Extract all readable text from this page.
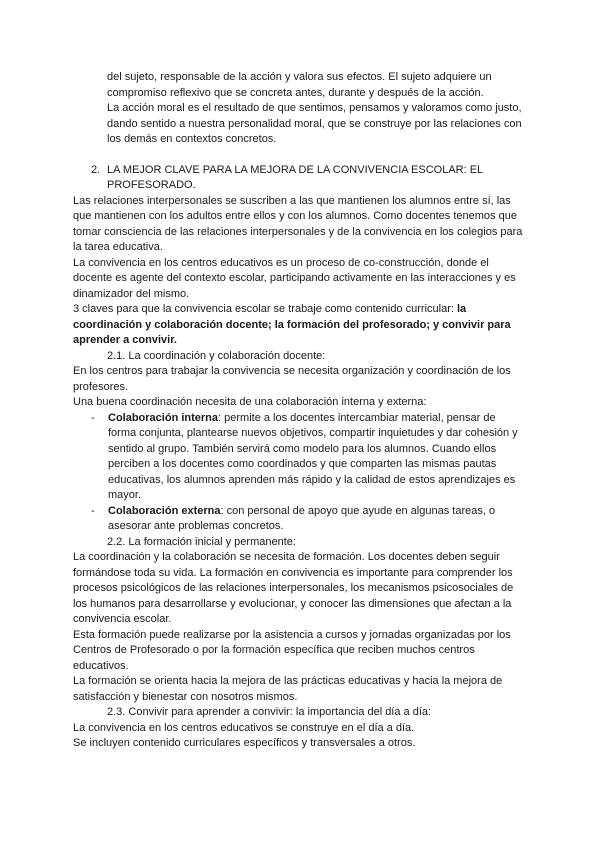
del sujeto, responsable de la acción y valora sus efectos. El sujeto adquiere un
compromiso reflexivo que se concreta antes, durante y después de la acción.
La acción moral es el resultado de que sentimos, pensamos y valoramos como justo,
dando sentido a nuestra personalidad moral, que se construye por las relaciones con
los demás en contextos concretos.
2. LA MEJOR CLAVE PARA LA MEJORA DE LA CONVIVENCIA ESCOLAR: EL
PROFESORADO.
Las relaciones interpersonales se suscriben a las que mantienen los alumnos entre sí, las
que mantienen con los adultos entre ellos y con los alumnos. Como docentes tenemos que
tomar consciencia de las relaciones interpersonales y de la convivencia en los colegios para
la tarea educativa.
La convivencia en los centros educativos es un proceso de co-construcción, donde el
docente es agente del contexto escolar, participando activamente en las interacciones y es
dinamizador del mismo.
3 claves para que la convivencia escolar se trabaje como contenido curricular: la
coordinación y colaboración docente; la formación del profesorado; y convivir para
aprender a convivir.
2.1. La coordinación y colaboración docente:
En los centros para trabajar la convivencia se necesita organización y coordinación de los
profesores.
Una buena coordinación necesita de una colaboración interna y externa:
- Colaboración interna: permite a los docentes intercambiar material, pensar de
forma conjunta, plantearse nuevos objetivos, compartir inquietudes y dar cohesión y
sentido al grupo. También servirá como modelo para los alumnos. Cuando ellos
perciben a los docentes como coordinados y que comparten las mismas pautas
educativas, los alumnos aprenden más rápido y la calidad de estos aprendizajes es
mayor.
- Colaboración externa: con personal de apoyo que ayude en algunas tareas, o
asesorar ante problemas concretos.
2.2. La formación inicial y permanente:
La coordinación y la colaboración se necesita de formación. Los docentes deben seguir
formándose toda su vida. La formación en convivencia es importante para comprender los
procesos psicológicos de las relaciones interpersonales, los mecanismos psicosociales de
los humanos para desarrollarse y evolucionar, y conocer las dimensiones que afectan a la
convivencia escolar.
Esta formación puede realizarse por la asistencia a cursos y jornadas organizadas por los
Centros de Profesorado o por la formación específica que reciben muchos centros
educativos.
La formación se orienta hacia la mejora de las prácticas educativas y hacia la mejora de
satisfacción y bienestar con nosotros mismos.
2.3. Convivir para aprender a convivir: la importancia del día a día:
La convivencia en los centros educativos se construye en el día a día.
Se incluyen contenido curriculares específicos y transversales a otros.
